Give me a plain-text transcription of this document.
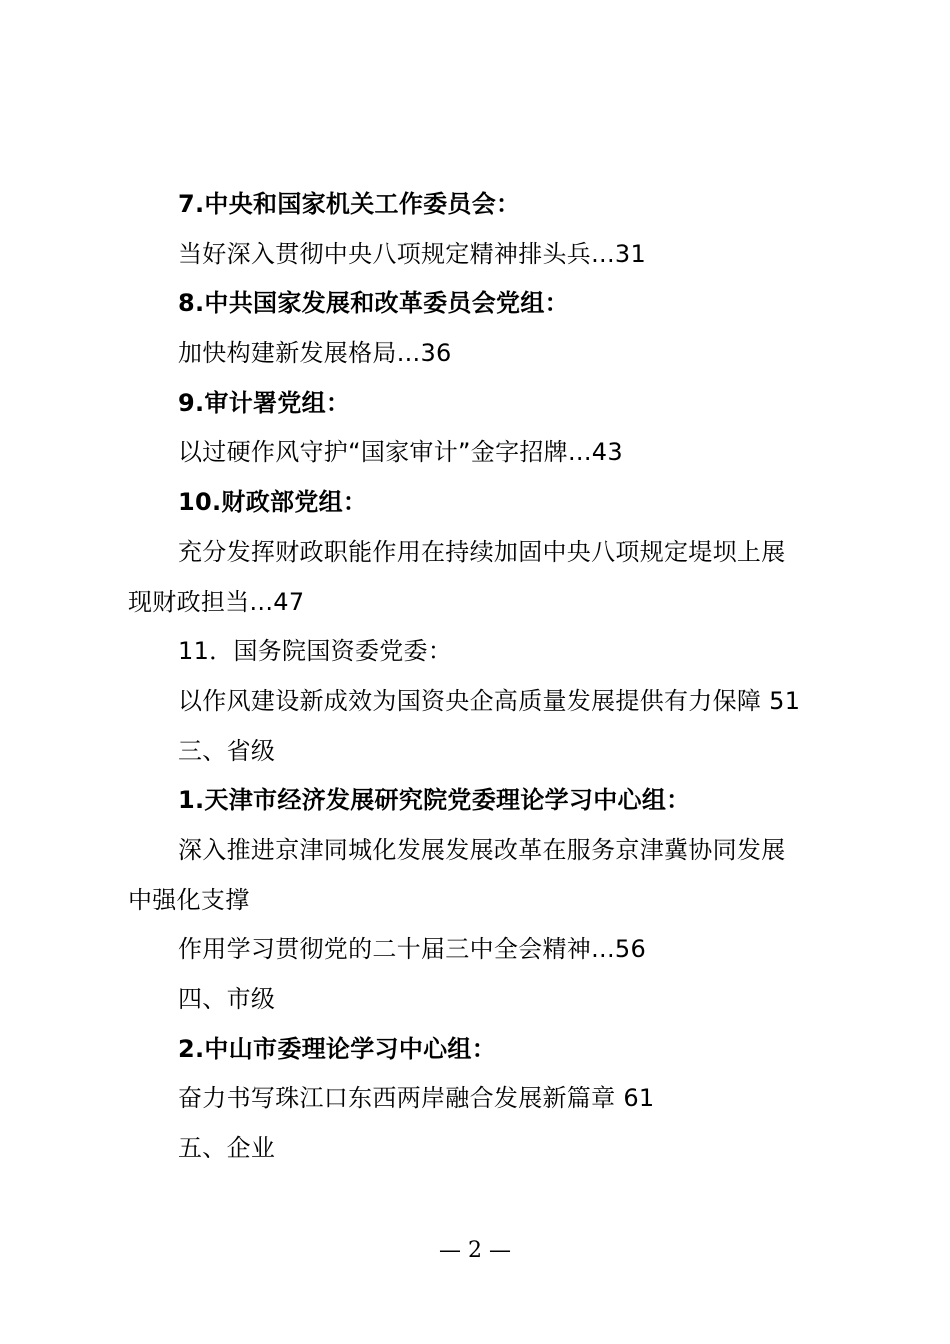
7.中央和国家机关工作委员会：
当好深入贯彻中央八项规定精神排头兵...31
8.中共国家发展和改革委员会党组：
加快构建新发展格局...36
9.审计署党组：
以过硬作风守护“国家审计”金字招牌...43
10.财政部党组：
充分发挥财政职能作用在持续加固中央八项规定堤坝上展
现财政担当...47
11．国务院国资委党委：
以作风建设新成效为国资央企高质量发展提供有力保障 51
三、省级
1.天津市经济发展研究院党委理论学习中心组：
深入推进京津同城化发展发展改革在服务京津冀协同发展
中强化支撑
作用学习贯彻党的二十届三中全会精神...56
四、市级
2.中山市委理论学习中心组：
奋力书写珠江口东西两岸融合发展新篇章 61
五、企业
— 2 —
